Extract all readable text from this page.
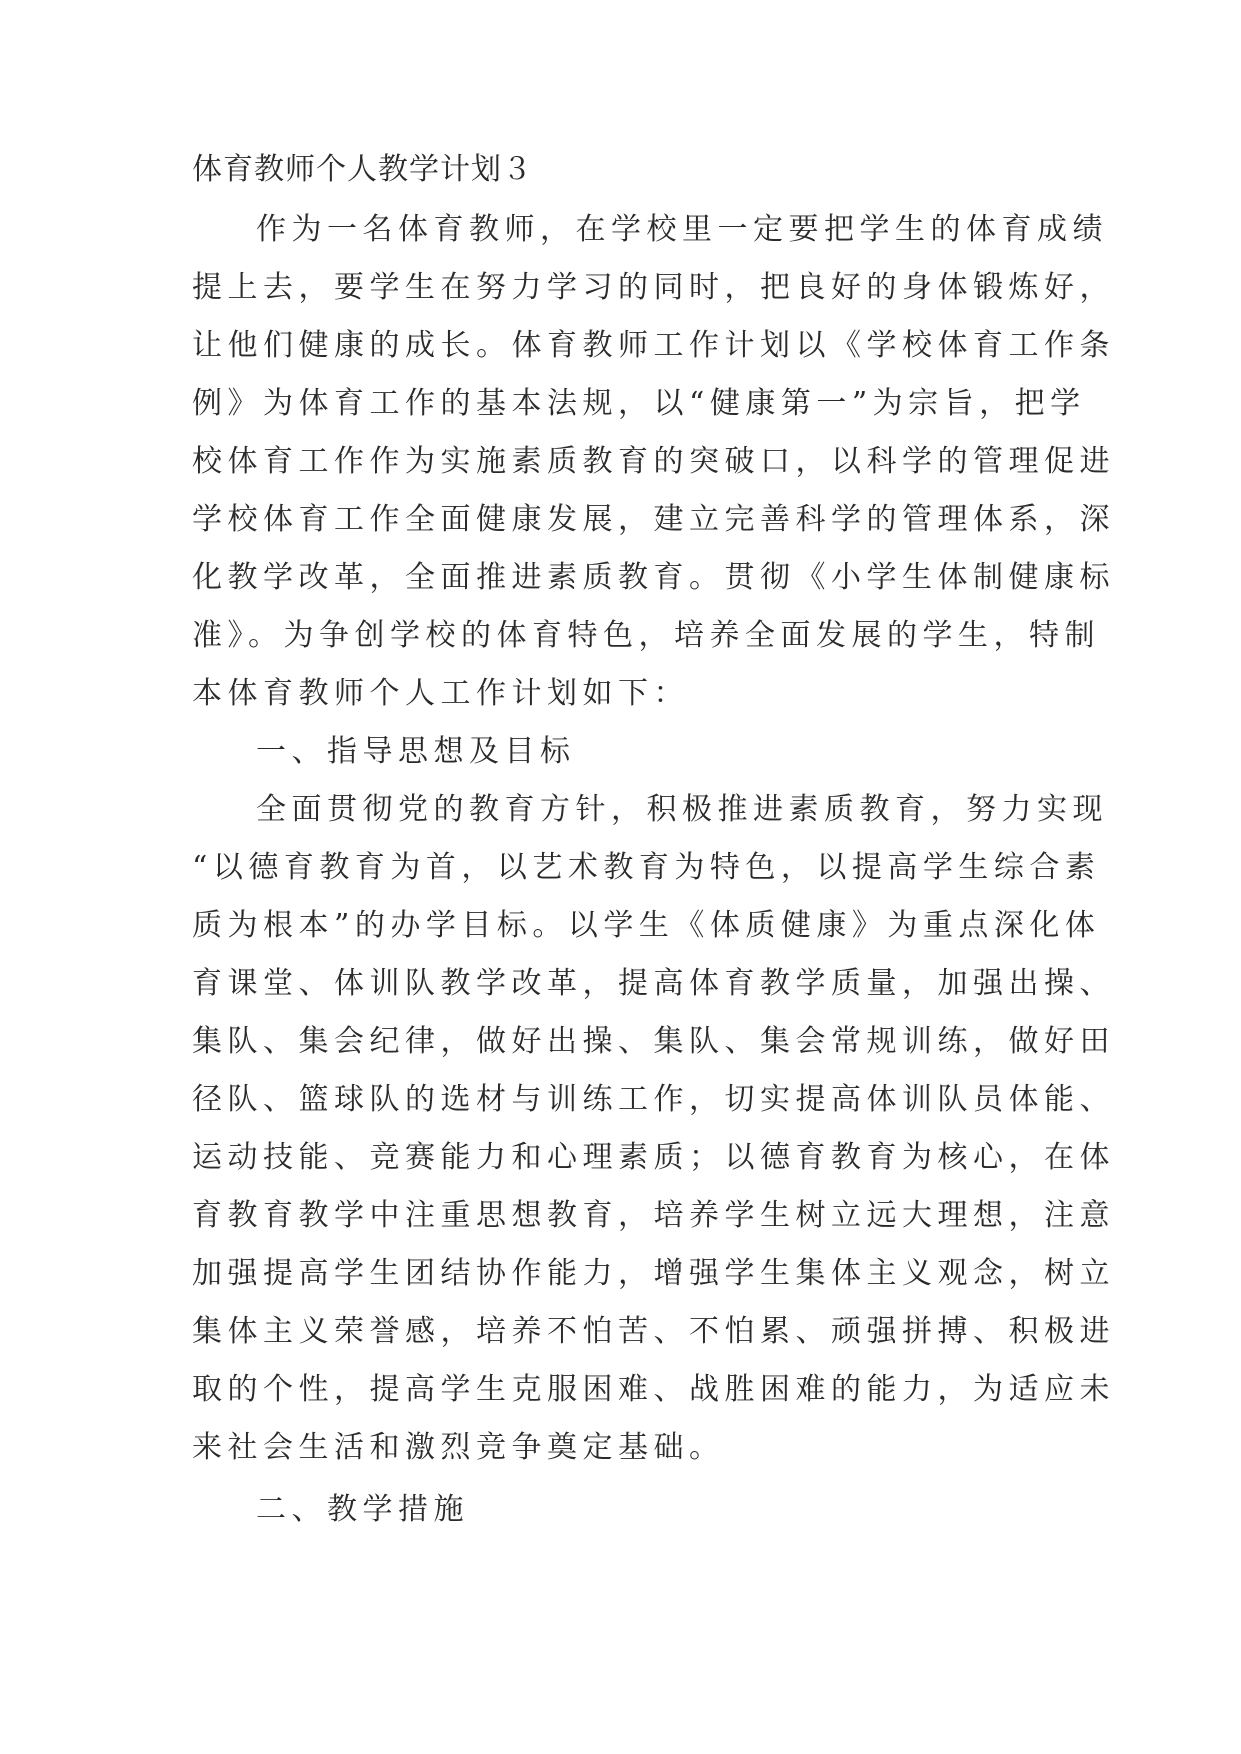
体育教师个人教学计划３
作为一名体育教师，在学校里一定要把学生的体育成绩
提上去，要学生在努力学习的同时，把良好的身体锻炼好，
让他们健康的成长。体育教师工作计划以《学校体育工作条
例》为体育工作的基本法规，以“健康第一”为宗旨，把学
校体育工作作为实施素质教育的突破口，以科学的管理促进
学校体育工作全面健康发展，建立完善科学的管理体系，深
化教学改革，全面推进素质教育。贯彻《小学生体制健康标
准》。为争创学校的体育特色，培养全面发展的学生，特制
本体育教师个人工作计划如下：
一、指导思想及目标
全面贯彻党的教育方针，积极推进素质教育，努力实现
“以德育教育为首，以艺术教育为特色，以提高学生综合素
质为根本”的办学目标。以学生《体质健康》为重点深化体
育课堂、体训队教学改革，提高体育教学质量，加强出操、
集队、集会纪律，做好出操、集队、集会常规训练，做好田
径队、篮球队的选材与训练工作，切实提高体训队员体能、
运动技能、竞赛能力和心理素质；以德育教育为核心，在体
育教育教学中注重思想教育，培养学生树立远大理想，注意
加强提高学生团结协作能力，增强学生集体主义观念，树立
集体主义荣誉感，培养不怕苦、不怕累、顽强拼搏、积极进
取的个性，提高学生克服困难、战胜困难的能力，为适应未
来社会生活和激烈竞争奠定基础。
二、教学措施
